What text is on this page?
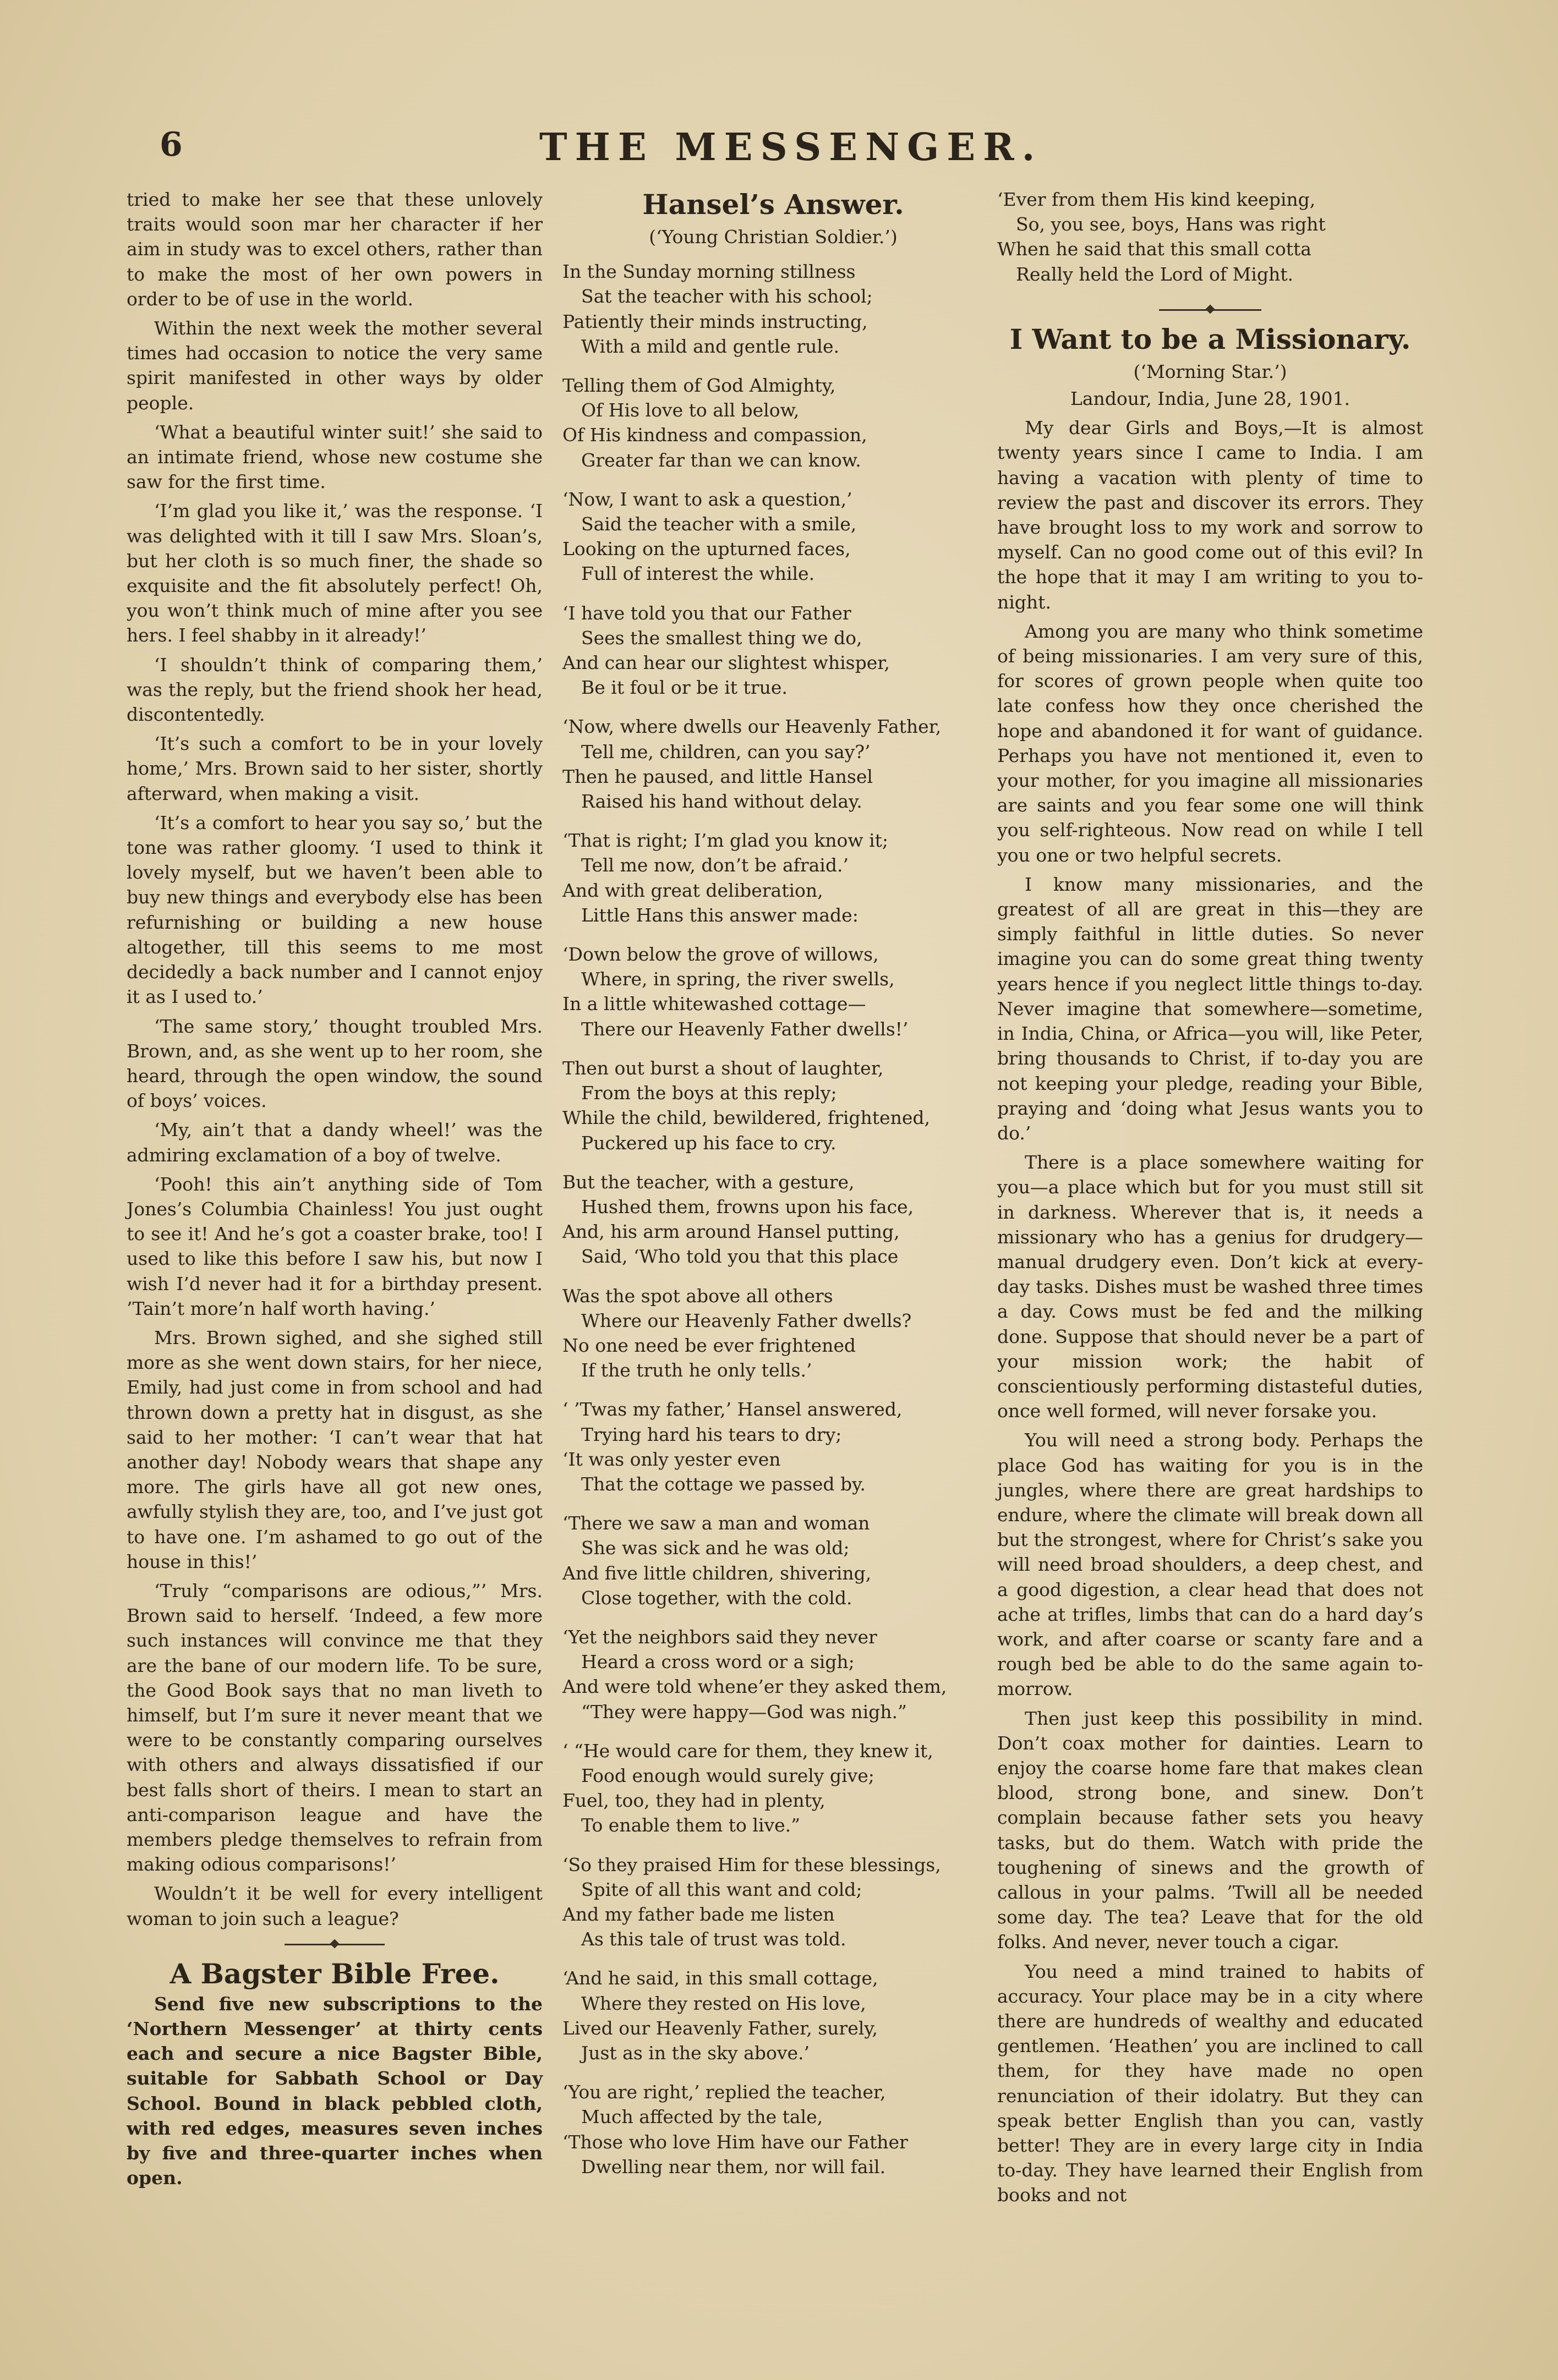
6	THE MESSENGER.

tried to make her see that these unlovely traits would soon mar her character if her aim in study was to excel others, rather than to make the most of her own powers in order to be of use in the world.

Within the next week the mother several times had occasion to notice the very same spirit manifested in other ways by older people.

‘What a beautiful winter suit!’ she said to an intimate friend, whose new costume she saw for the first time.

‘I’m glad you like it,’ was the response. ‘I was delighted with it till I saw Mrs. Sloan’s, but her cloth is so much finer, the shade so exquisite and the fit absolutely perfect! Oh, you won’t think much of mine after you see hers. I feel shabby in it already!’

‘I shouldn’t think of comparing them,’ was the reply, but the friend shook her head, discontentedly.

‘It’s such a comfort to be in your lovely home,’ Mrs. Brown said to her sister, shortly afterward, when making a visit.

‘It’s a comfort to hear you say so,’ but the tone was rather gloomy. ‘I used to think it lovely myself, but we haven’t been able to buy new things and everybody else has been refurnishing or building a new house altogether, till this seems to me most decidedly a back number and I cannot enjoy it as I used to.’

‘The same story,’ thought troubled Mrs. Brown, and, as she went up to her room, she heard, through the open window, the sound of boys’ voices.

‘My, ain’t that a dandy wheel!’ was the admiring exclamation of a boy of twelve.

‘Pooh! this ain’t anything side of Tom Jones’s Columbia Chainless! You just ought to see it! And he’s got a coaster brake, too! I used to like this before I saw his, but now I wish I’d never had it for a birthday present. ’Tain’t more’n half worth having.’

Mrs. Brown sighed, and she sighed still more as she went down stairs, for her niece, Emily, had just come in from school and had thrown down a pretty hat in disgust, as she said to her mother: ‘I can’t wear that hat another day! Nobody wears that shape any more. The girls have all got new ones, awfully stylish they are, too, and I’ve just got to have one. I’m ashamed to go out of the house in this!’

‘Truly “comparisons are odious,”’ Mrs. Brown said to herself. ‘Indeed, a few more such instances will convince me that they are the bane of our modern life. To be sure, the Good Book says that no man liveth to himself, but I’m sure it never meant that we were to be constantly comparing ourselves with others and always dissatisfied if our best falls short of theirs. I mean to start an anti-comparison league and have the members pledge themselves to refrain from making odious comparisons!’

Wouldn’t it be well for every intelligent woman to join such a league?

A Bagster Bible Free.

Send five new subscriptions to the ‘Northern Messenger’ at thirty cents each and secure a nice Bagster Bible, suitable for Sabbath School or Day School. Bound in black pebbled cloth, with red edges, measures seven inches by five and three-quarter inches when open.

Hansel’s Answer.
(‘Young Christian Soldier.’)
In the Sunday morning stillness
Sat the teacher with his school;
Patiently their minds instructing,
With a mild and gentle rule.
Telling them of God Almighty,
Of His love to all below,
Of His kindness and compassion,
Greater far than we can know.
‘Now, I want to ask a question,’
Said the teacher with a smile,
Looking on the upturned faces,
Full of interest the while.
‘I have told you that our Father
Sees the smallest thing we do,
And can hear our slightest whisper,
Be it foul or be it true.
‘Now, where dwells our Heavenly Father,
Tell me, children, can you say?’
Then he paused, and little Hansel
Raised his hand without delay.
‘That is right; I’m glad you know it;
Tell me now, don’t be afraid.’
And with great deliberation,
Little Hans this answer made:
‘Down below the grove of willows,
Where, in spring, the river swells,
In a little whitewashed cottage—
There our Heavenly Father dwells!’
Then out burst a shout of laughter,
From the boys at this reply;
While the child, bewildered, frightened,
Puckered up his face to cry.
But the teacher, with a gesture,
Hushed them, frowns upon his face,
And, his arm around Hansel putting,
Said, ‘Who told you that this place
Was the spot above all others
Where our Heavenly Father dwells?
No one need be ever frightened
If the truth he only tells.’
‘ ’Twas my father,’ Hansel answered,
Trying hard his tears to dry;
‘It was only yester even
That the cottage we passed by.
‘There we saw a man and woman
She was sick and he was old;
And five little children, shivering,
Close together, with the cold.
‘Yet the neighbors said they never
Heard a cross word or a sigh;
And were told whene’er they asked them,
“They were happy—God was nigh.”
‘ “He would care for them, they knew it,
Food enough would surely give;
Fuel, too, they had in plenty,
To enable them to live.”
‘So they praised Him for these blessings,
Spite of all this want and cold;
And my father bade me listen
As this tale of trust was told.
‘And he said, in this small cottage,
Where they rested on His love,
Lived our Heavenly Father, surely,
Just as in the sky above.’
‘You are right,’ replied the teacher,
Much affected by the tale,
‘Those who love Him have our Father
Dwelling near them, nor will fail.
‘Ever from them His kind keeping,
So, you see, boys, Hans was right
When he said that this small cotta
Really held the Lord of Might.
I Want to be a Missionary.
(‘Morning Star.’)
Landour, India, June 28, 1901.

My dear Girls and Boys,—It is almost twenty years since I came to India. I am having a vacation with plenty of time to review the past and discover its errors. They have brought loss to my work and sorrow to myself. Can no good come out of this evil? In the hope that it may I am writing to you to-night.

Among you are many who think sometime of being missionaries. I am very sure of this, for scores of grown people when quite too late confess how they once cherished the hope and abandoned it for want of guidance. Perhaps you have not mentioned it, even to your mother, for you imagine all missionaries are saints and you fear some one will think you self-righteous. Now read on while I tell you one or two helpful secrets.

I know many missionaries, and the greatest of all are great in this—they are simply faithful in little duties. So never imagine you can do some great thing twenty years hence if you neglect little things to-day. Never imagine that somewhere—sometime, in India, China, or Africa—you will, like Peter, bring thousands to Christ, if to-day you are not keeping your pledge, reading your Bible, praying and ‘doing what Jesus wants you to do.’

There is a place somewhere waiting for you—a place which but for you must still sit in darkness. Wherever that is, it needs a missionary who has a genius for drudgery—manual drudgery even. Don’t kick at every-day tasks. Dishes must be washed three times a day. Cows must be fed and the milking done. Suppose that should never be a part of your mission work; the habit of conscientiously performing distasteful duties, once well formed, will never forsake you.

You will need a strong body. Perhaps the place God has waiting for you is in the jungles, where there are great hardships to endure, where the climate will break down all but the strongest, where for Christ’s sake you will need broad shoulders, a deep chest, and a good digestion, a clear head that does not ache at trifles, limbs that can do a hard day’s work, and after coarse or scanty fare and a rough bed be able to do the same again to-morrow.

Then just keep this possibility in mind. Don’t coax mother for dainties. Learn to enjoy the coarse home fare that makes clean blood, strong bone, and sinew. Don’t complain because father sets you heavy tasks, but do them. Watch with pride the toughening of sinews and the growth of callous in your palms. ’Twill all be needed some day. The tea? Leave that for the old folks. And never, never touch a cigar.

You need a mind trained to habits of accuracy. Your place may be in a city where there are hundreds of wealthy and educated gentlemen. ‘Heathen’ you are inclined to call them, for they have made no open renunciation of their idolatry. But they can speak better English than you can, vastly better! They are in every large city in India to-day. They have learned their English from books and not
